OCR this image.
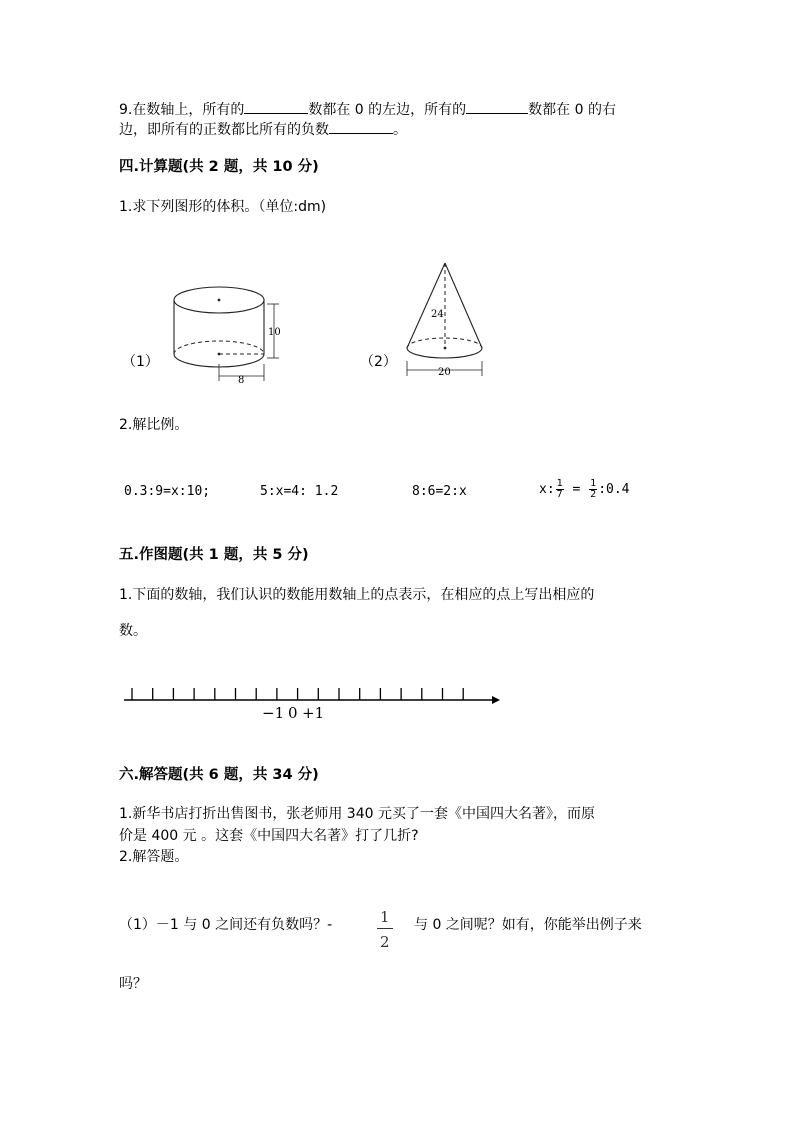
9.在数轴上，所有的	数都在 0 的左边，所有的	数都在 0 的右
边，即所有的正数都比所有的负数	。
四.计算题(共 2 题，共 10 分)
1.求下列图形的体积。（单位:dm)
（1）
10
8
（2）
24
20
2.解比例。
0.3:9=x:10;	5:x=4: 1.2	8:6=2:x	x: $\frac{1}{7} = \frac{1}{2}$ :0.4
五.作图题(共 1 题，共 5 分)
1.下面的数轴，我们认识的数能用数轴上的点表示，在相应的点上写出相应的
数。
−1 0 +1
六.解答题(共 6 题，共 34 分)
1.新华书店打折出售图书，张老师用 340 元买了一套《中国四大名著》，而原
价是 400 元 。这套《中国四大名著》打了几折?
2.解答题。
（1）－1 与 0 之间还有负数吗？-	$\frac{1}{2}$ 与 0 之间呢？如有，你能举出例子来
吗？
